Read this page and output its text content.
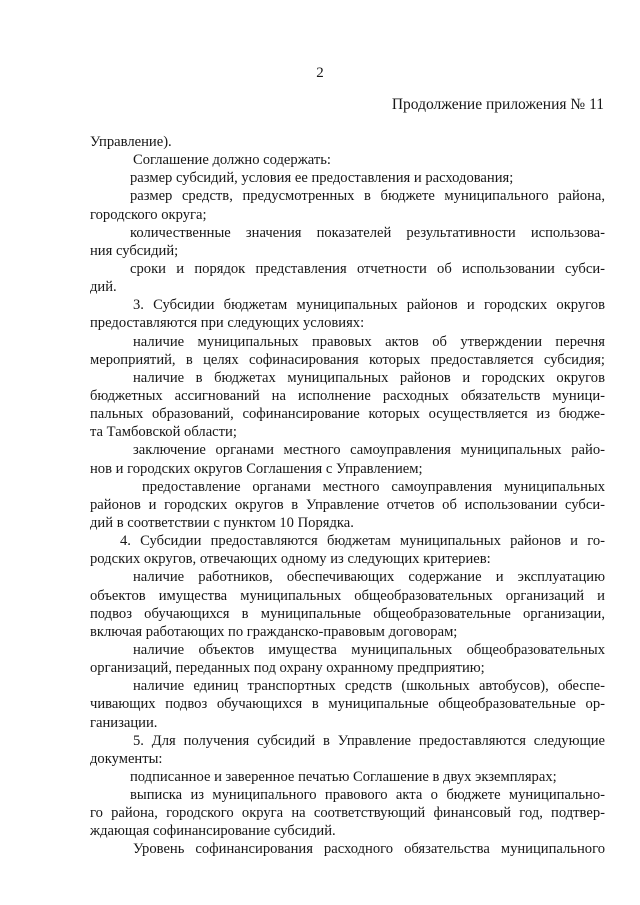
2
Продолжение приложения № 11
Управление).
Соглашение должно содержать:
размер субсидий, условия ее предоставления и расходования;
размер средств, предусмотренных в бюджете муниципального района,
городского округа;
количественные значения показателей результативности использова-
ния субсидий;
сроки и порядок представления отчетности об использовании субси-
дий.
3. Субсидии бюджетам муниципальных районов и городских округов
предоставляются при следующих условиях:
наличие муниципальных правовых актов об утверждении перечня
мероприятий, в целях софинасирования которых предоставляется субсидия;
наличие в бюджетах муниципальных районов и городских округов
бюджетных ассигнований на исполнение расходных обязательств муници-
пальных образований, софинансирование которых осуществляется из бюдже-
та Тамбовской области;
заключение органами местного самоуправления муниципальных райо-
нов и городских округов Соглашения с Управлением;
предоставление органами местного самоуправления муниципальных
районов и городских округов в Управление отчетов об использовании субси-
дий в соответствии с пунктом 10 Порядка.
4. Субсидии предоставляются бюджетам муниципальных районов и го-
родских округов, отвечающих одному из следующих критериев:
наличие работников, обеспечивающих содержание и эксплуатацию
объектов имущества муниципальных общеобразовательных организаций и
подвоз обучающихся в муниципальные общеобразовательные организации,
включая работающих по гражданско-правовым договорам;
наличие объектов имущества муниципальных общеобразовательных
организаций, переданных под охрану охранному предприятию;
наличие единиц транспортных средств (школьных автобусов), обеспе-
чивающих подвоз обучающихся в муниципальные общеобразовательные ор-
ганизации.
5. Для получения субсидий в Управление предоставляются следующие
документы:
подписанное и заверенное печатью Соглашение в двух экземплярах;
выписка из муниципального правового акта о бюджете муниципально-
го района, городского округа на соответствующий финансовый год, подтвер-
ждающая софинансирование субсидий.
Уровень софинансирования расходного обязательства муниципального
